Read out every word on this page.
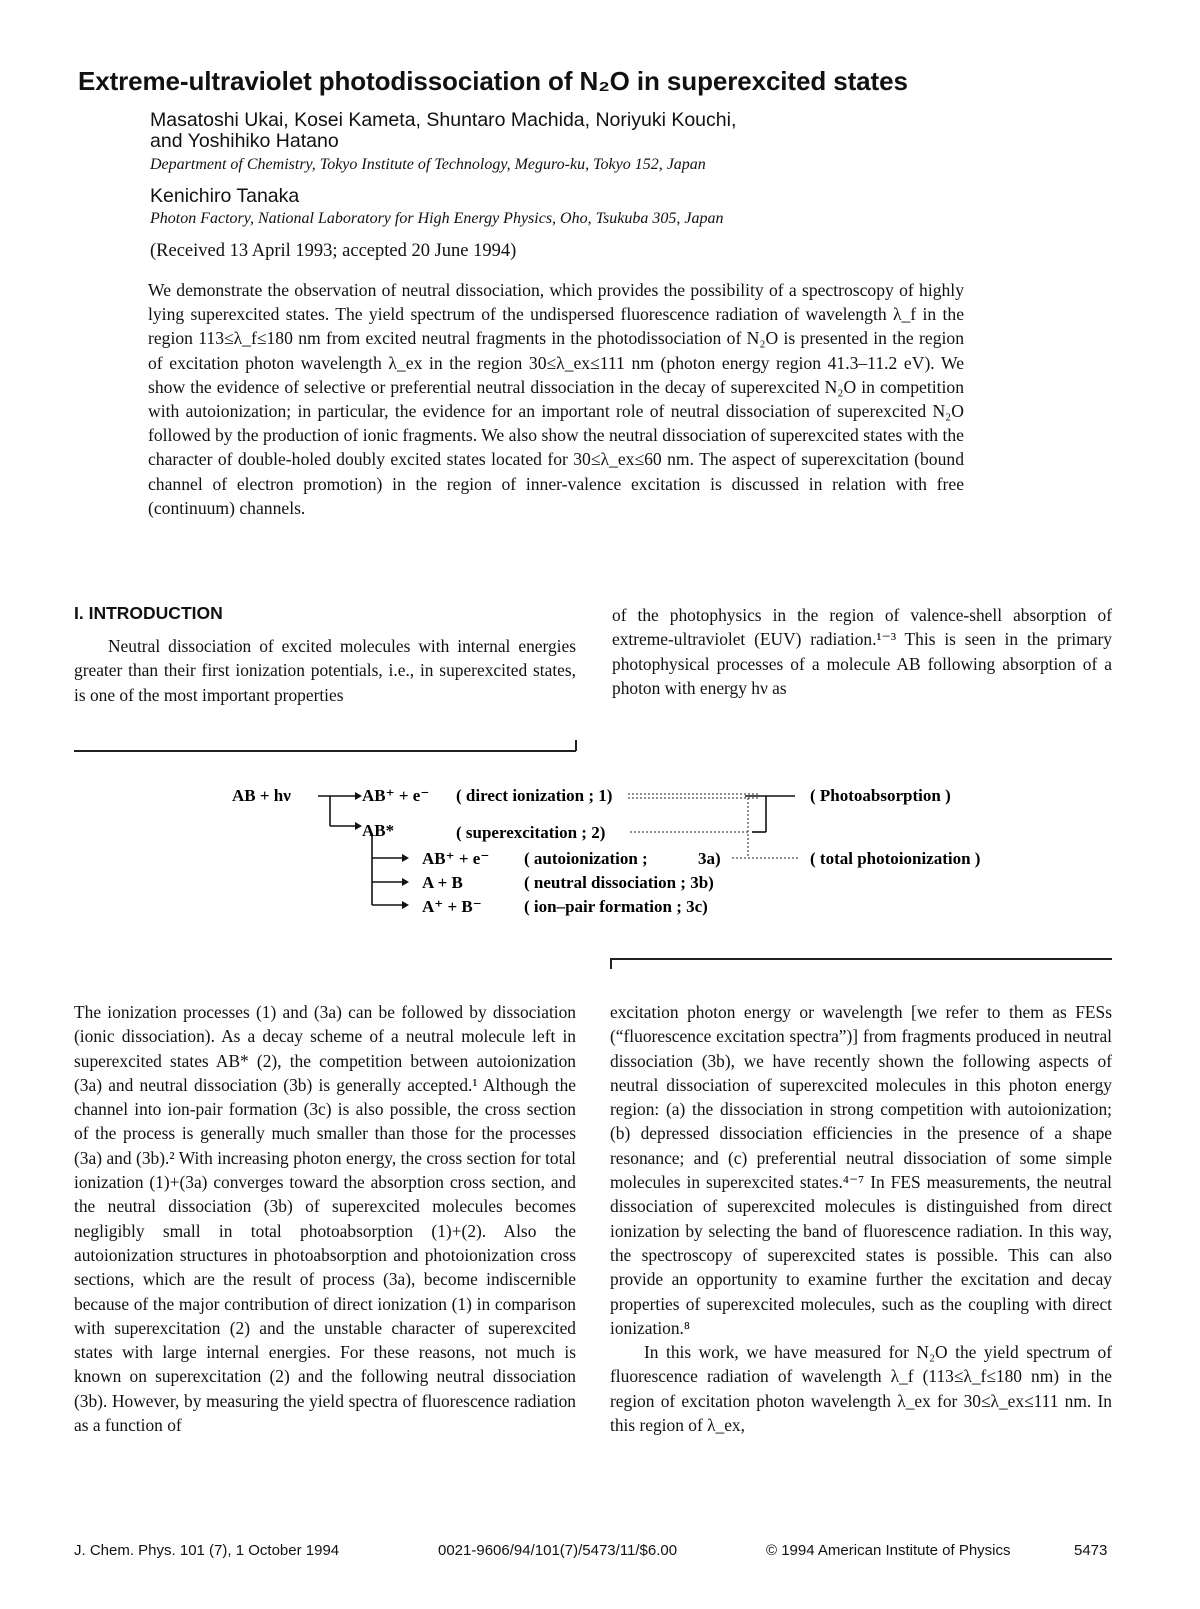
Extreme-ultraviolet photodissociation of N₂O in superexcited states
Masatoshi Ukai, Kosei Kameta, Shuntaro Machida, Noriyuki Kouchi,
and Yoshihiko Hatano
Department of Chemistry, Tokyo Institute of Technology, Meguro-ku, Tokyo 152, Japan
Kenichiro Tanaka
Photon Factory, National Laboratory for High Energy Physics, Oho, Tsukuba 305, Japan
(Received 13 April 1993; accepted 20 June 1994)

We demonstrate the observation of neutral dissociation, which provides the possibility of a spectroscopy of highly lying superexcited states. The yield spectrum of the undispersed fluorescence radiation of wavelength λ_f in the region 113≤λ_f≤180 nm from excited neutral fragments in the photodissociation of N₂O is presented in the region of excitation photon wavelength λ_ex in the region 30≤λ_ex≤111 nm (photon energy region 41.3–11.2 eV). We show the evidence of selective or preferential neutral dissociation in the decay of superexcited N₂O in competition with autoionization; in particular, the evidence for an important role of neutral dissociation of superexcited N₂O followed by the production of ionic fragments. We also show the neutral dissociation of superexcited states with the character of double-holed doubly excited states located for 30≤λ_ex≤60 nm. The aspect of superexcitation (bound channel of electron promotion) in the region of inner-valence excitation is discussed in relation with free (continuum) channels.

I. INTRODUCTION

Neutral dissociation of excited molecules with internal energies greater than their first ionization potentials, i.e., in superexcited states, is one of the most important properties

of the photophysics in the region of valence-shell absorption of extreme-ultraviolet (EUV) radiation.¹⁻³ This is seen in the primary photophysical processes of a molecule AB following absorption of a photon with energy hν as

AB + hν	AB⁺ + e⁻ ( direct ionization ; 1)
AB*	( superexcitation ; 2)
AB⁺ + e⁻ ( autoionization ;	3a)
A + B	( neutral dissociation ; 3b)
A⁺ + B⁻ ( ion–pair formation ; 3c)
( Photoabsorption )
( total photoionization )

The ionization processes (1) and (3a) can be followed by dissociation (ionic dissociation). As a decay scheme of a neutral molecule left in superexcited states AB* (2), the competition between autoionization (3a) and neutral dissociation (3b) is generally accepted.¹ Although the channel into ion-pair formation (3c) is also possible, the cross section of the process is generally much smaller than those for the processes (3a) and (3b).² With increasing photon energy, the cross section for total ionization (1)+(3a) converges toward the absorption cross section, and the neutral dissociation (3b) of superexcited molecules becomes negligibly small in total photoabsorption (1)+(2). Also the autoionization structures in photoabsorption and photoionization cross sections, which are the result of process (3a), become indiscernible because of the major contribution of direct ionization (1) in comparison with superexcitation (2) and the unstable character of superexcited states with large internal energies. For these reasons, not much is known on superexcitation (2) and the following neutral dissociation (3b). However, by measuring the yield spectra of fluorescence radiation as a function of

excitation photon energy or wavelength [we refer to them as FESs (“fluorescence excitation spectra”)] from fragments produced in neutral dissociation (3b), we have recently shown the following aspects of neutral dissociation of superexcited molecules in this photon energy region: (a) the dissociation in strong competition with autoionization; (b) depressed dissociation efficiencies in the presence of a shape resonance; and (c) preferential neutral dissociation of some simple molecules in superexcited states.⁴⁻⁷ In FES measurements, the neutral dissociation of superexcited molecules is distinguished from direct ionization by selecting the band of fluorescence radiation. In this way, the spectroscopy of superexcited states is possible. This can also provide an opportunity to examine further the excitation and decay properties of superexcited molecules, such as the coupling with direct ionization.⁸

In this work, we have measured for N₂O the yield spectrum of fluorescence radiation of wavelength λ_f (113≤λ_f≤180 nm) in the region of excitation photon wavelength λ_ex for 30≤λ_ex≤111 nm. In this region of λ_ex,

J. Chem. Phys. 101 (7), 1 October 1994	0021-9606/94/101(7)/5473/11/$6.00	© 1994 American Institute of Physics	5473
